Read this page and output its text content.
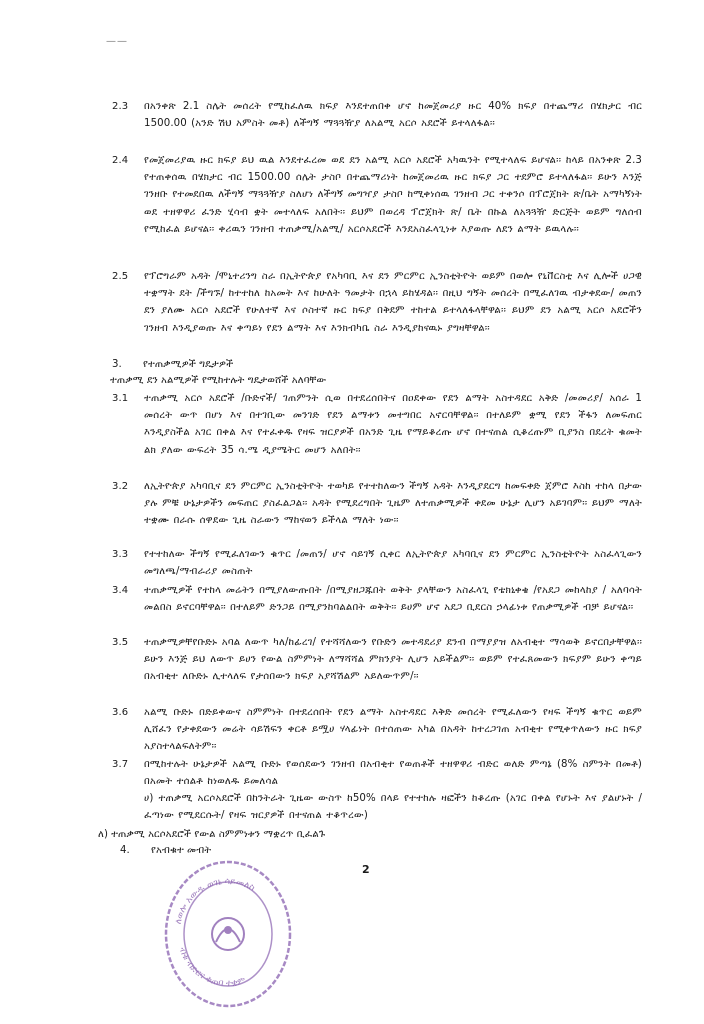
——
2.3	በአንቀጽ 2.1 ስሌት መሰረት የሚከፈለዉ ክፍያ እንደተጠበቀ ሆኖ ከመጀመሪያ ዙር 40% ክፍያ በተጨማሪ በሄክታር ብር 1500.00 (አንድ ሽህ አምስት መቶ) ለችግኝ ማጓጓዥያ ለአልሚ አርሶ አደሮች ይተላለፋል፡፡
2.4	የመጀመሪያዉ ዙር ክፍያ ይህ ዉል እንደተፈረመ ወደ ደን አልሚ አርሶ አደሮች አካዉንት የሚተላለፍ ይሆናል፡፡ ከላይ በአንቀጽ 2.3 የተጠቀሰዉ በሄክታር ብር 1500.00 ሰሌት ታስቦ በተጨማሪነት ከመጀመሪዉ ዙር ክፍያ ጋር ተደምሮ ይተላለፋል፡፡ ይሁን እንጅ ገንዘቡ የተመደበዉ ለችግኝ ማጓጓዥያ ስለሆነ ለችግኝ መግዣያ ታስቦ ከሚቀነሰዉ ገንዘብ ጋር ተቀንሶ በፕሮጀክት ጽ/ቤት አማካኝነት ወደ ተዘዋዋሪ ፈንድ ሂሳብ ቋት መተላለፍ አለበት፡፡ ይህም በወረዳ ፕሮጀክት ጽ/ ቤት በኩል ለአጓጓዥ ድርጅት ወይም ግለሰብ የሚከፈል ይሆናል፡፡ ቀሪዉን ገንዘብ ተጠቃሚ/አልሚ/ አርሶአደሮች እንደአስፈላጊነቱ እያወጡ ለደን ልማት ይዉላሉ፡፡
2.5	የፕሮግራም አዳት /ሞኒተሪንግ ስራ በኢትዮጵያ የአካባቢ እና ደን ምርምር ኢንስቲትዮት ወይም በወሎ የኒቨርስቲ እና ሊሎች ሀጋዊ ተቋማት ደት /ችግኙ/ ከተተከለ ከአመት እና ከሁለት ዓመታት በኋላ ይከሄዳል፡፡ በዚህ ግኝት መሰረት በሚፈለገዉ ብታቀደው/ መጠን ደን ያለሙ አርሶ አደሮች የሁለተኛ እና ሶስተኛ ዙር ክፍያ በቅደም ተከተል ይተላለፋላቸዋል፡፡ ይህም ደን አልሚ አርሶ አደሮችን ገንዘብ እንዲያወጡ እና ቀጣይነ የደን ልማት እና እንክብካቤ ስራ እንዲያከናዉኑ ያግዛቸዋል፡፡
3. የተጠቃሚዎች ግዴታዎች
ተጠቃሚ ደን አልሚዎች የሚከተሉት ግዴታወሸች አለባቸው
3.1	ተጠቃሚ አርሶ አደሮች /ቡድኖች/ ገጠምንት ሲወ በተደረሰበትና በዐደቀው የደን ልማት አስተዳደር አቅድ /መመሪያ/ አሰራ 1 መሰረት ውጥ በሆነ እና በተገቢው መንገድ የደን ልማቱን መተግበር አኖርባቸዋል፡፡ በተለይም ቋሚ የደን ችፋን ለመፍጠር እንዲያስችል አገር በቀል እና የተፈቀዱ የዛፍ ዝርያዎች በአንድ ጊዜ የማይቆረጡ ሆኖ በተናጠል ሲቆረጡም ቢያንስ በደረት ቁመት ልክ ያለው ውፍረት 35 ሳ.ሜ ዲያሜትር መሆን አለበት፡፡
3.2	ለኢትዮጵያ አካባቢና ደን ምርምር ኢንስቲትዮት ተወካይ የተተከለውን ችግኝ አዳት እንዲያደርግ ከመፍቀድ ጀምሮ እስከ ተከላ በታው ያሉ ምቹ ሁኔታዎችን መፍጠር ያስፈልጋል፡፡ አዳት የሚደረግበት ጊዜም ለተጠቃሚዎች ቀደመ ሁኔታ ሊሆን አይገባም፡፡ ይህም ማለት ተቋሙ በራሱ ሰዋደው ጊዜ ስራውን ማከናወን ይችላል ማለት ነው፡፡
3.3	የተተከለው ችግኝ የሚፈለገውን ቁጥር /መጠን/ ሆኖ ሳይገኝ ሲቀር ለኢትዮጵያ አካባቢና ደን ምርምር ኢንስቲትዮት አስፈላጊውን መግለጫ/ማብራሪያ መስጠት
3.4	ተጠቃሚዎች የተከላ መሬትን በሚያለውጡበት /በሚያዘጋጁበት ወቅት ያላቸውን አስፈላጊ የቴክኒቀቄ /የአደጋ መከላከያ / አለባሳት መልበስ ይኖርባቸዋል፡፡ በተለይም ድንጋይ በሚያንከባልልበት ወቅት፡፡ ይሀም ሆኖ አደጋ ቢደርስ ኃላፊነቱ የጠቃሚዎች ብቻ ይሆናል፡፡
3.5	ተጠቃሚዎቸየቡድኑ አባል ለውጥ ካለ/ከፊረገ/ የተሻሻለውን የቡድን መተዳደሪያ ደንብ በማያያዝ ለአብቂተ ማሳወቅ ይኖርበታቸዋል፡፡ ይሁን እንጅ ይህ ለውጥ ይሀን የውል ስምምነት ለማሻሻል ምክንያት ሊሆን አይችልም፡፡ ወይም የተፈጸመውን ክፍያም ይሁን ቀጣይ በአብቂተ ለቡድኑ ሊተላለፍ የታሰበውን ክፍያ አያሻሽልም አይለውጥም/፡፡
3.6	አልሚ ቡድኑ በድይቀውና ስምምነት በተደረሰበት የደን ልማት አስተዳደር እቅድ መሰረት የሚፈለውን የዛፍ ችግኝ ቁጥር ወይም ሊሸፈን የታቀደውን መሬት ሳይሽፍን ቀርቶ ይሟሀ ሃላፊነት በተሰጠው አካል በአዳት ከተረጋገጠ አብቂተ የሚቀጥለውን ዙር ክፍያ አያስተላልፍለትም፡፡
3.7	በሚከተሉት ሁኔታዎች አልሚ ቡድኑ የወሰደውን ገንዘብ በአብቂተ የወጠቶች ተዘዋዋሪ ብድር ወለድ ምጣኔ (8% ስምንት በመቶ) በአመት ተሰልቶ ከነወለዱ ይመለሳል
ሀ) ተጠቃሚ አርሶአደሮች በከንትራት ጊዜው ውስጥ ከ50% በላይ የተተከሉ ዛፎችን ከቆረጡ (አገር በቀል የሆኑት እና ያልሆኑት /ፈጣነው የሚደርሱት/ የዛፍ ዝርያዎች በተናጠል ተቆጥረው)
ለ) ተጠቃሚ አርሶአደሮች የውል ስምምነቱን ማቋረጥ ቢፈልጉ
4. የአብቁተ መብት
2
ለወሎ አውዱ ወገኔ ሳይመለስ
ብቁ ብድርና ቁጠባ ተቋም
